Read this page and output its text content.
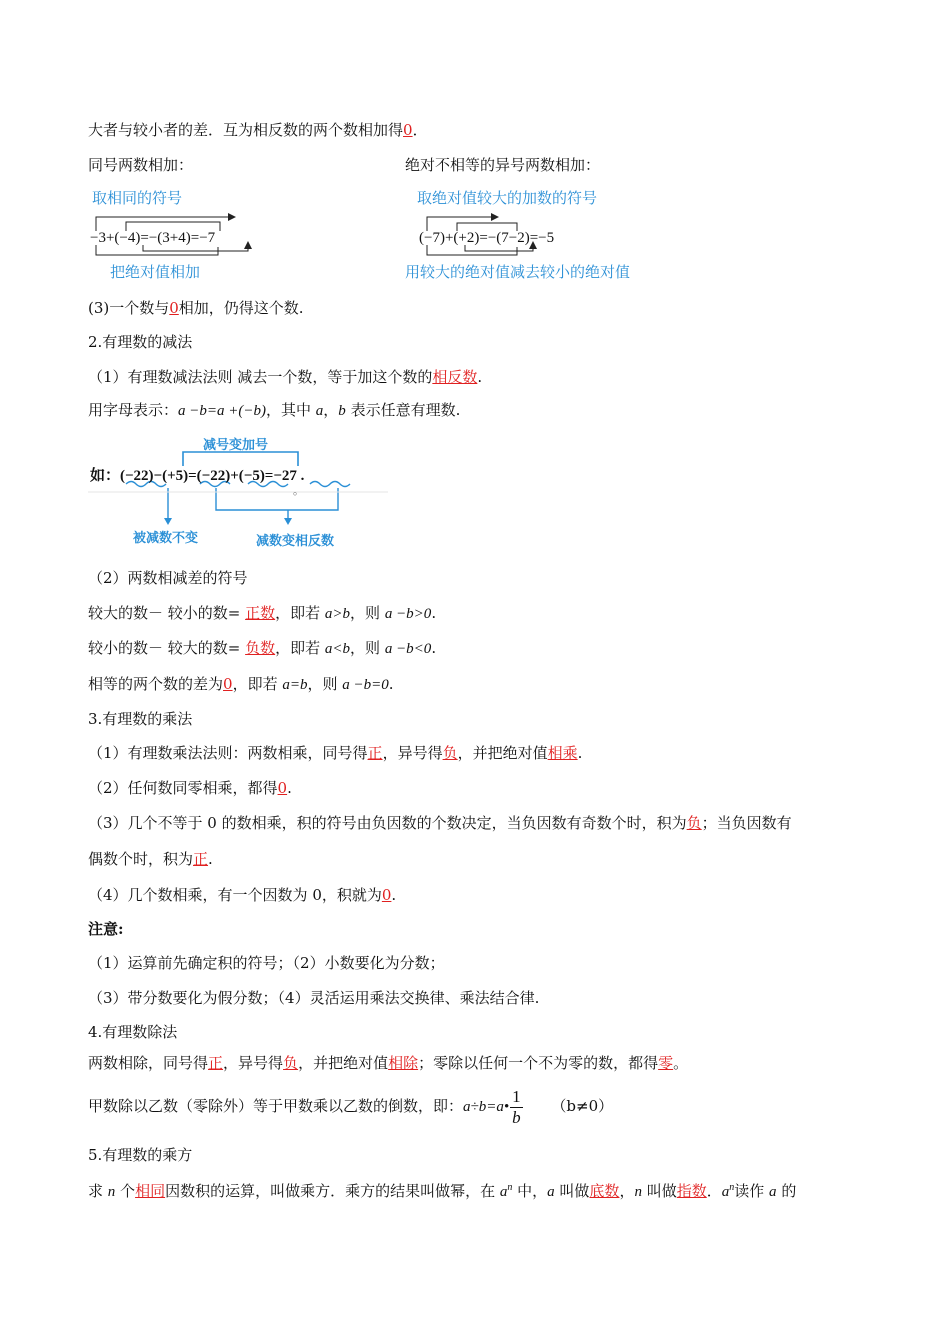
大者与较小者的差．互为相反数的两个数相加得0．
同号两数相加：	绝对不相等的异号两数相加：
取相同的符号
−3+(−4)=−(3+4)=−7
把绝对值相加
取绝对值较大的加数的符号
(−7)+(+2)=−(7−2)=−5
用较大的绝对值减去较小的绝对值
(3)一个数与0相加，仍得这个数.
2.有理数的减法
（1）有理数减法法则 减去一个数，等于加这个数的相反数.
用字母表示：a −b=a +(−b)，其中 a，b 表示任意有理数.
减号变加号
如：(−22)−(+5)=(−22)+(−5)=−27 .
。
被减数不变	减数变相反数
（2）两数相减差的符号
较大的数－ 较小的数= 正数，即若 a>b，则 a −b>0.
较小的数－ 较大的数= 负数，即若 a<b，则 a −b<0.
相等的两个数的差为0，即若 a=b，则 a −b=0.
3.有理数的乘法
（1）有理数乘法法则：两数相乘，同号得正，异号得负，并把绝对值相乘.
（2）任何数同零相乘，都得0.
（3）几个不等于 0 的数相乘，积的符号由负因数的个数决定，当负因数有奇数个时，积为负；当负因数有
偶数个时，积为正.
（4）几个数相乘，有一个因数为 0，积就为0.
注意:
（1）运算前先确定积的符号；（2）小数要化为分数；
（3）带分数要化为假分数；（4）灵活运用乘法交换律、乘法结合律.
4.有理数除法
两数相除，同号得正，异号得负，并把绝对值相除；零除以任何一个不为零的数，都得零。
甲数除以乙数（零除外）等于甲数乘以乙数的倒数，即：a÷b=a• $\frac{1}{b} (b\ne 0)$
5.有理数的乘方
求 n 个相同因数积的运算，叫做乘方．乘方的结果叫做幂，在 $a^n$ 中，a 叫做底数，n 叫做指数．$a^n$读作 a 的
